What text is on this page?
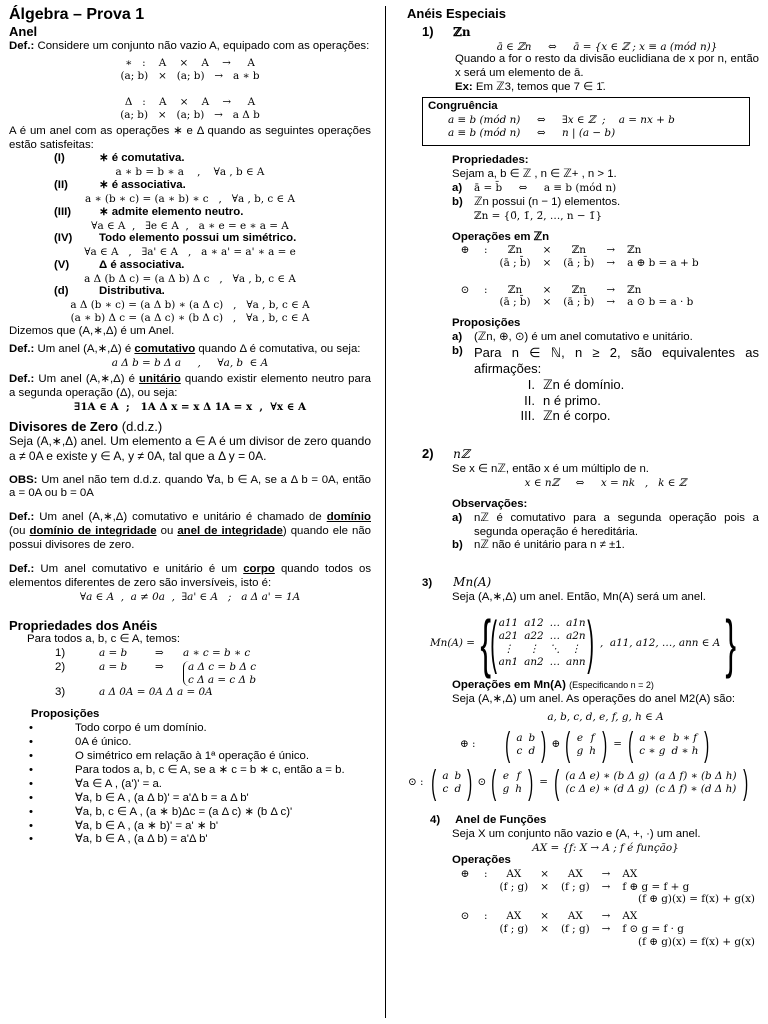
Álgebra – Prova 1
Anel
Def.: Considere um conjunto não vazio A, equipado com as operações:
∗   :    A    ×    A    →     A
(a; b)   ×   (a; b)   →   a ∗ b
Δ   :    A    ×    A    →     A
(a; b)   ×   (a; b)   →   a Δ b
A é um anel com as operações ∗ e Δ quando as seguintes operações estão satisfeitas:
(I)	∗ é comutativa.
a ∗ b = b ∗ a    ,    ∀a , b ∈ A
(II)	∗ é associativa.
a ∗ (b ∗ c) = (a ∗ b) ∗ c   ,   ∀a , b, c ∈ A
(III)	∗ admite elemento neutro.
∀a ∈ A  ,   ∃e ∈ A  ,   a ∗ e = e ∗ a = A
(IV)	Todo elemento possui um simétrico.
∀a ∈ A   ,   ∃a' ∈ A   ,   a ∗ a' = a' ∗ a = e
(V)	Δ é associativa.
a Δ (b Δ c) = (a Δ b) Δ c   ,   ∀a , b, c ∈ A
(d)	Distributiva.
a Δ (b ∗ c) = (a Δ b) ∗ (a Δ c)   ,   ∀a , b, c ∈ A
(a ∗ b) Δ c = (a Δ c) ∗ (b Δ c)   ,   ∀a , b, c ∈ A
Dizemos que (A,∗,Δ) é um Anel.
Def.: Um anel (A,∗,Δ) é comutativo quando Δ é comutativa, ou seja:
a Δ b = b Δ a     ,     ∀a, b  ∈ A
Def.: Um anel (A,∗,Δ) é unitário quando existir elemento neutro para a segunda operação (Δ), ou seja:
∃1A ∈ A  ;   1A Δ x = x Δ 1A = x  ,  ∀x ∈ A
Divisores de Zero (d.d.z.)
Seja (A,∗,Δ) anel. Um elemento a ∈ A é um divisor de zero quando a ≠ 0A e existe y ∈ A, y ≠ 0A, tal que a Δ y = 0A.
OBS: Um anel não tem d.d.z. quando ∀a, b ∈ A, se a Δ b = 0A, então a = 0A ou b = 0A
Def.: Um anel (A,∗,Δ) comutativo e unitário é chamado de domínio (ou domínio de integridade ou anel de integridade) quando ele não possui divisores de zero.
Def.: Um anel comutativo e unitário é um corpo quando todos os elementos diferentes de zero são inversíveis, isto é:
∀a ∈ A  ,  a ≠ 0a  ,  ∃a' ∈ A   ;   a Δ a' = 1A
Propriedades dos Anéis
Para todos a, b, c ∈ A, temos:
1)	a = b	⇒	a ∗ c = b ∗ c
2)	a = b	⇒	a Δ c = b Δ c
c Δ a = c Δ b
3)	a Δ 0A = 0A Δ a = 0A
Proposições
•	Todo corpo é um domínio.
•	0A é único.
•	O simétrico em relação à 1ª operação é único.
•	Para todos a, b, c ∈ A, se a ∗ c = b ∗ c, então a = b.
•	∀a ∈ A , (a')' = a.
•	∀a, b ∈ A , (a Δ b)' = a'Δ b = a Δ b'
•	∀a, b, c ∈ A , (a ∗ b)Δc = (a Δ c) ∗ (b Δ c)'
•	∀a, b ∈ A , (a ∗ b)' = a' ∗ b'
•	∀a, b ∈ A , (a Δ b) = a'Δ b'
Anéis Especiais
1) ℤn
ā ∈ ℤn     ⇔     ā = {x ∈ ℤ ; x ≡ a (mód n)}
Quando a for o resto da divisão euclidiana de x por n, então x será um elemento de ā.
Ex: Em ℤ3, temos que 7 ∈ 1̄.
Congruência
a ≡ b (mód n)     ⇔     ∃x ∈ ℤ  ;    a = nx + b
a ≡ b (mód n)     ⇔     n | (a − b)
Propriedades:
Sejam a, b ∈ ℤ , n ∈ ℤ+ , n > 1.
a)	ā = b̄     ⇔     a ≡ b (mód n)
b) ℤn possui (n − 1) elementos.
ℤn = {0̄, 1̄, 2̄, …, n − 1̄}
Operações em ℤn
⊕	:	ℤn	×	ℤn	→	ℤn
		(ā ; b̄)	×	(ā ; b̄)	→	a ⊕ b = a + b
⊙	:	ℤn	×	ℤn	→	ℤn
		(ā ; b̄)	×	(ā ; b̄)	→	a ⊙ b = a · b
Proposições
a)	(ℤn, ⊕, ⊙) é um anel comutativo e unitário.
b) Para n ∈ ℕ, n ≥ 2, são equivalentes as afirmações:
I. ℤn é domínio.
II. n é primo.
III. ℤn é corpo.
2) nℤ
Se x ∈ nℤ, então x é um múltiplo de n.
x ∈ nℤ     ⇔     x = nk   ,   k ∈ ℤ
Observações:
a)	nℤ é comutativo para a segunda operação pois a segunda operação é hereditária.
b) nℤ não é unitário para n ≠ ±1.
3) Mn(A)
Seja (A,∗,Δ) um anel. Então, Mn(A) será um anel.
Mn(A) = { ( a11	a12	…	a1n
a21	a22	…	a2n
⋮	⋮	⋱	⋮
an1	an2	…	ann ) ,  a11, a12, …, ann ∈ A }
Operações em Mn(A) (Especificando n = 2)
Seja (A,∗,Δ) um anel. As operações do anel M2(A) são:
a, b, c, d, e, f, g, h ∈ A
⊕ : ( a	b
c	d ) ⊕ ( e	f
g	h ) = ( a ∗ e	b ∗ f
c ∗ g	d ∗ h )
⊙ : ( a	b
c	d ) ⊙ ( e	f
g	h ) = ( (a Δ e) ∗ (b Δ g)	(a Δ f) ∗ (b Δ h)
(c Δ e) ∗ (d Δ g)	(c Δ f) ∗ (d Δ h) )
4) Anel de Funções
Seja X um conjunto não vazio e (A, +, ·) um anel.
AX = {f: X → A ; f é função}
Operações
⊕	:	AX	×	AX	→	AX
		(f ; g)	×	(f ; g)	→	f ⊕ g = f + g
(f ⊕ g)(x) = f(x) + g(x)
⊙	:	AX	×	AX	→	AX
		(f ; g)	×	(f ; g)	→	f ⊙ g = f · g
(f ⊕ g)(x) = f(x) + g(x)
